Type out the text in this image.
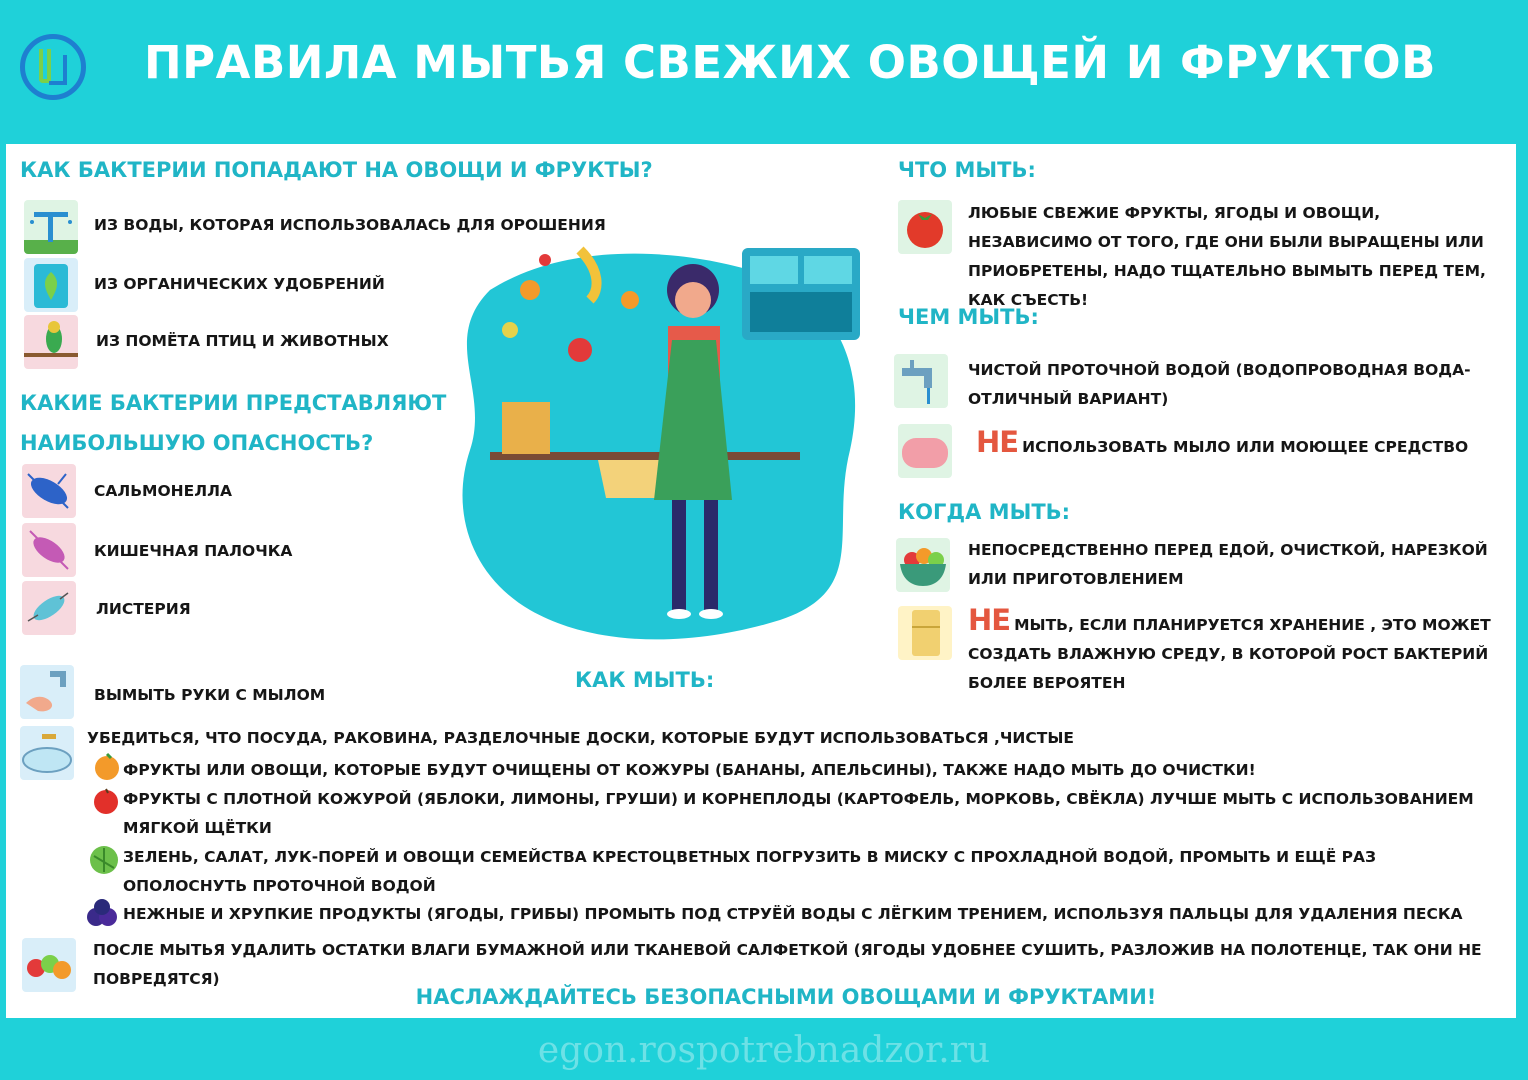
ПРАВИЛА МЫТЬЯ СВЕЖИХ ОВОЩЕЙ И ФРУКТОВ
КАК БАКТЕРИИ ПОПАДАЮТ НА ОВОЩИ И ФРУКТЫ?
ИЗ ВОДЫ, КОТОРАЯ ИСПОЛЬЗОВАЛАСЬ ДЛЯ ОРОШЕНИЯ
ИЗ ОРГАНИЧЕСКИХ УДОБРЕНИЙ
ИЗ ПОМЁТА ПТИЦ И ЖИВОТНЫХ
КАКИЕ БАКТЕРИИ ПРЕДСТАВЛЯЮТ
НАИБОЛЬШУЮ ОПАСНОСТЬ?
САЛЬМОНЕЛЛА
КИШЕЧНАЯ ПАЛОЧКА
ЛИСТЕРИЯ
ЧТО МЫТЬ:
ЛЮБЫЕ СВЕЖИЕ ФРУКТЫ, ЯГОДЫ И ОВОЩИ, НЕЗАВИСИМО ОТ ТОГО, ГДЕ ОНИ БЫЛИ ВЫРАЩЕНЫ ИЛИ ПРИОБРЕТЕНЫ, НАДО ТЩАТЕЛЬНО ВЫМЫТЬ ПЕРЕД ТЕМ, КАК СЪЕСТЬ!
ЧЕМ МЫТЬ:
ЧИСТОЙ ПРОТОЧНОЙ ВОДОЙ (ВОДОПРОВОДНАЯ ВОДА- ОТЛИЧНЫЙ ВАРИАНТ)
НЕ ИСПОЛЬЗОВАТЬ МЫЛО ИЛИ МОЮЩЕЕ СРЕДСТВО
КОГДА МЫТЬ:
НЕПОСРЕДСТВЕННО ПЕРЕД ЕДОЙ, ОЧИСТКОЙ, НАРЕЗКОЙ ИЛИ ПРИГОТОВЛЕНИЕМ
НЕ МЫТЬ, ЕСЛИ ПЛАНИРУЕТСЯ ХРАНЕНИЕ , ЭТО МОЖЕТ СОЗДАТЬ ВЛАЖНУЮ СРЕДУ, В КОТОРОЙ РОСТ БАКТЕРИЙ БОЛЕЕ ВЕРОЯТЕН
КАК МЫТЬ:
ВЫМЫТЬ РУКИ С МЫЛОМ
УБЕДИТЬСЯ, ЧТО ПОСУДА, РАКОВИНА, РАЗДЕЛОЧНЫЕ ДОСКИ, КОТОРЫЕ БУДУТ ИСПОЛЬЗОВАТЬСЯ ,ЧИСТЫЕ
ФРУКТЫ ИЛИ ОВОЩИ, КОТОРЫЕ БУДУТ ОЧИЩЕНЫ ОТ КОЖУРЫ (БАНАНЫ, АПЕЛЬСИНЫ), ТАКЖЕ НАДО МЫТЬ ДО ОЧИСТКИ!
ФРУКТЫ С ПЛОТНОЙ КОЖУРОЙ (ЯБЛОКИ, ЛИМОНЫ, ГРУШИ) И КОРНЕПЛОДЫ (КАРТОФЕЛЬ, МОРКОВЬ, СВЁКЛА) ЛУЧШЕ МЫТЬ С ИСПОЛЬЗОВАНИЕМ МЯГКОЙ ЩЁТКИ
ЗЕЛЕНЬ, САЛАТ, ЛУК-ПОРЕЙ И ОВОЩИ СЕМЕЙСТВА КРЕСТОЦВЕТНЫХ ПОГРУЗИТЬ В МИСКУ С ПРОХЛАДНОЙ ВОДОЙ, ПРОМЫТЬ И ЕЩЁ РАЗ ОПОЛОСНУТЬ ПРОТОЧНОЙ ВОДОЙ
НЕЖНЫЕ И ХРУПКИЕ ПРОДУКТЫ (ЯГОДЫ, ГРИБЫ) ПРОМЫТЬ ПОД СТРУЁЙ ВОДЫ С ЛЁГКИМ ТРЕНИЕМ, ИСПОЛЬЗУЯ ПАЛЬЦЫ ДЛЯ УДАЛЕНИЯ ПЕСКА
ПОСЛЕ МЫТЬЯ УДАЛИТЬ ОСТАТКИ ВЛАГИ БУМАЖНОЙ ИЛИ ТКАНЕВОЙ САЛФЕТКОЙ (ЯГОДЫ УДОБНЕЕ СУШИТЬ, РАЗЛОЖИВ НА ПОЛОТЕНЦЕ, ТАК ОНИ НЕ ПОВРЕДЯТСЯ)
НАСЛАЖДАЙТЕСЬ БЕЗОПАСНЫМИ ОВОЩАМИ И ФРУКТАМИ!
egon.rospotrebnadzor.ru
